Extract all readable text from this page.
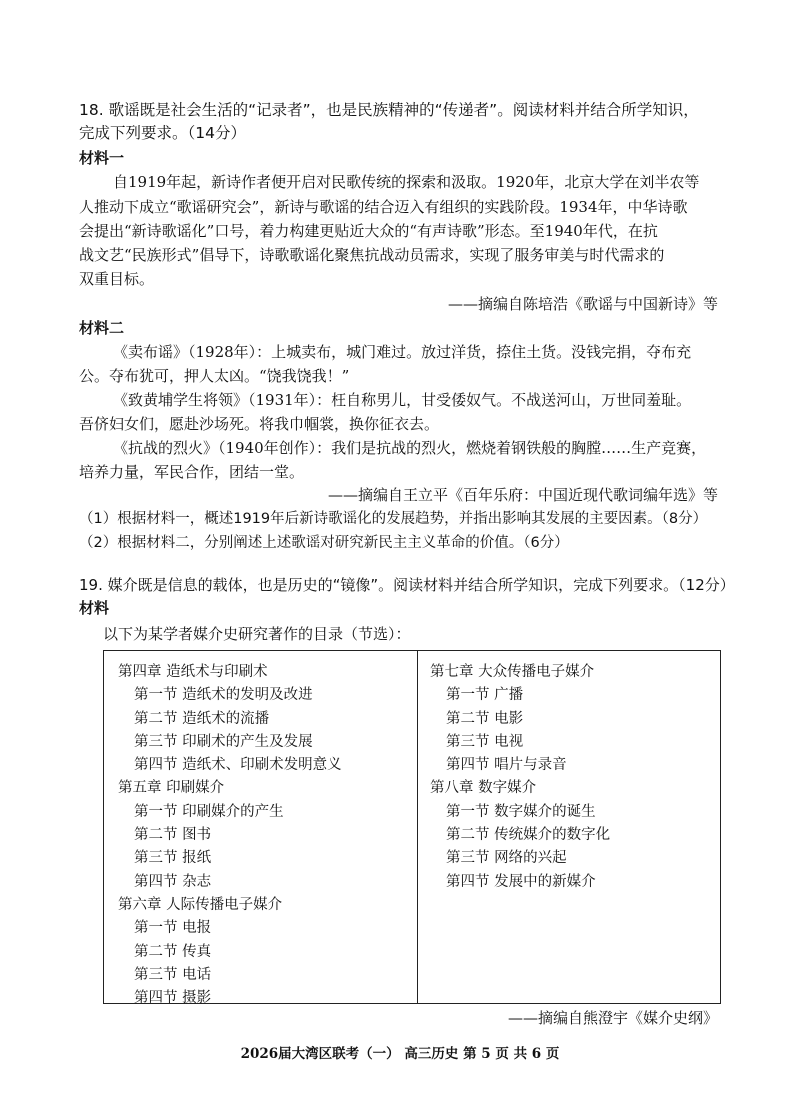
18. 歌谣既是社会生活的“记录者”，也是民族精神的“传递者”。阅读材料并结合所学知识，
完成下列要求。（14分）
材料一
自1919年起，新诗作者便开启对民歌传统的探索和汲取。1920年，北京大学在刘半农等
人推动下成立“歌谣研究会”，新诗与歌谣的结合迈入有组织的实践阶段。1934年，中华诗歌
会提出“新诗歌谣化”口号，着力构建更贴近大众的“有声诗歌”形态。至1940年代，在抗
战文艺“民族形式”倡导下，诗歌歌谣化聚焦抗战动员需求，实现了服务审美与时代需求的
双重目标。
——摘编自陈培浩《歌谣与中国新诗》等
材料二
《卖布谣》（1928年）：上城卖布，城门难过。放过洋货，捺住土货。没钱完捐，夺布充
公。夺布犹可，押人太凶。“饶我饶我！”
《致黄埔学生将领》（1931年）：枉自称男儿，甘受倭奴气。不战送河山，万世同羞耻。
吾侪妇女们，愿赴沙场死。将我巾帼裳，换你征衣去。
《抗战的烈火》（1940年创作）：我们是抗战的烈火，燃烧着钢铁般的胸膛……生产竞赛，
培养力量，军民合作，团结一堂。
——摘编自王立平《百年乐府：中国近现代歌词编年选》等
（1）根据材料一，概述1919年后新诗歌谣化的发展趋势，并指出影响其发展的主要因素。（8分）
（2）根据材料二，分别阐述上述歌谣对研究新民主主义革命的价值。（6分）
19. 媒介既是信息的载体，也是历史的“镜像”。阅读材料并结合所学知识，完成下列要求。（12分）
材料
以下为某学者媒介史研究著作的目录（节选）：
第四章 造纸术与印刷术
第一节 造纸术的发明及改进
第二节 造纸术的流播
第三节 印刷术的产生及发展
第四节 造纸术、印刷术发明意义
第五章 印刷媒介
第一节 印刷媒介的产生
第二节 图书
第三节 报纸
第四节 杂志
第六章 人际传播电子媒介
第一节 电报
第二节 传真
第三节 电话
第四节 摄影
第七章 大众传播电子媒介
第一节 广播
第二节 电影
第三节 电视
第四节 唱片与录音
第八章 数字媒介
第一节 数字媒介的诞生
第二节 传统媒介的数字化
第三节 网络的兴起
第四节 发展中的新媒介
——摘编自熊澄宇《媒介史纲》
2026届大湾区联考（一） 高三历史 第 5 页 共 6 页
